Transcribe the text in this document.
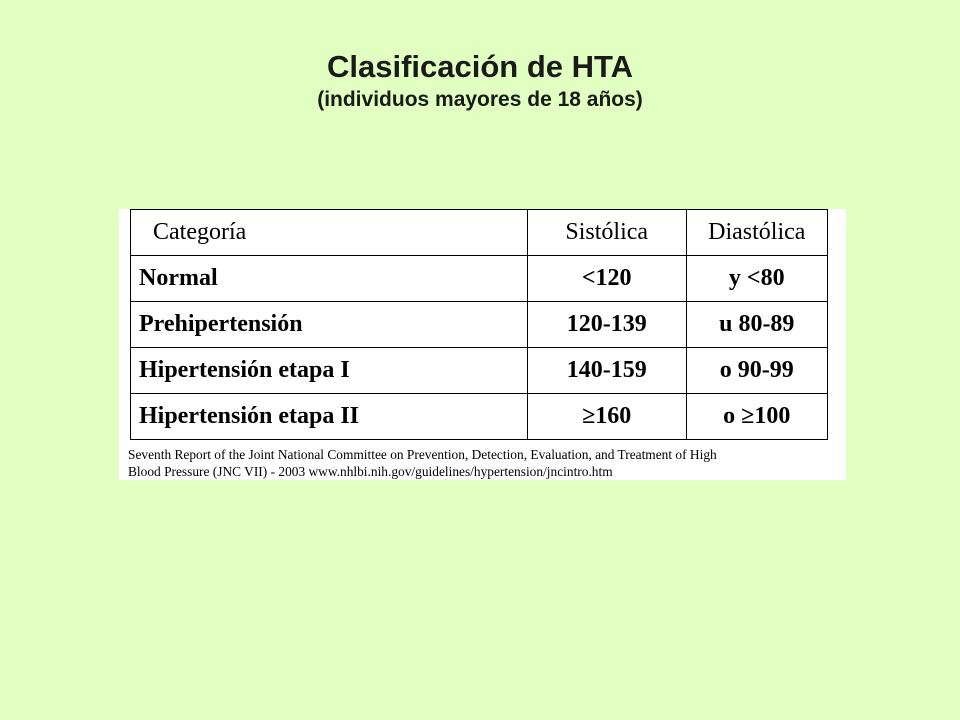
Clasificación de HTA
(individuos mayores de 18 años)
Categoría	Sistólica	Diastólica
Normal	<120	y <80
Prehipertensión	120-139	u 80-89
Hipertensión etapa I	140-159	o 90-99
Hipertensión etapa II	≥160	o ≥100
Seventh Report of the Joint National Committee on Prevention, Detection, Evaluation, and Treatment of High
Blood Pressure (JNC VII) - 2003 www.nhlbi.nih.gov/guidelines/hypertension/jncintro.htm
